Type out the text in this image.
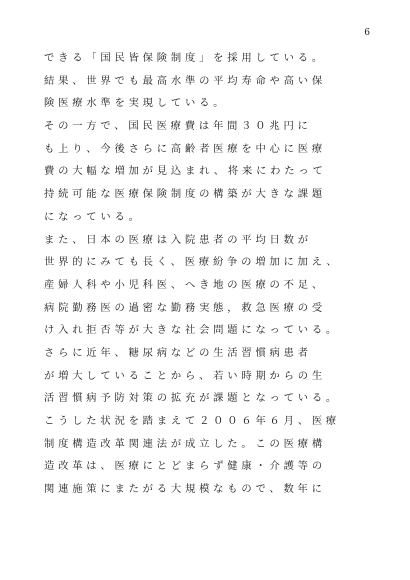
6
できる「国民皆保険制度」を採用している。
結果、世界でも最高水準の平均寿命や高い保
険医療水準を実現している。
その一方で、国民医療費は年間３０兆円に
も上り、今後さらに高齢者医療を中心に医療
費の大幅な増加が見込まれ、将来にわたって
持続可能な医療保険制度の構築が大きな課題
になっている。
また、日本の医療は入院患者の平均日数が
世界的にみても長く、医療紛争の増加に加え、
産婦人科や小児科医、へき地の医療の不足、
病院勤務医の過密な勤務実態，救急医療の受
け入れ拒否等が大きな社会問題になっている。
さらに近年、糖尿病などの生活習慣病患者
が増大していることから、若い時期からの生
活習慣病予防対策の拡充が課題となっている。
こうした状況を踏まえて２００６年６月、医療
制度構造改革関連法が成立した。この医療構
造改革は、医療にとどまらず健康・介護等の
関連施策にまたがる大規模なもので、数年に
